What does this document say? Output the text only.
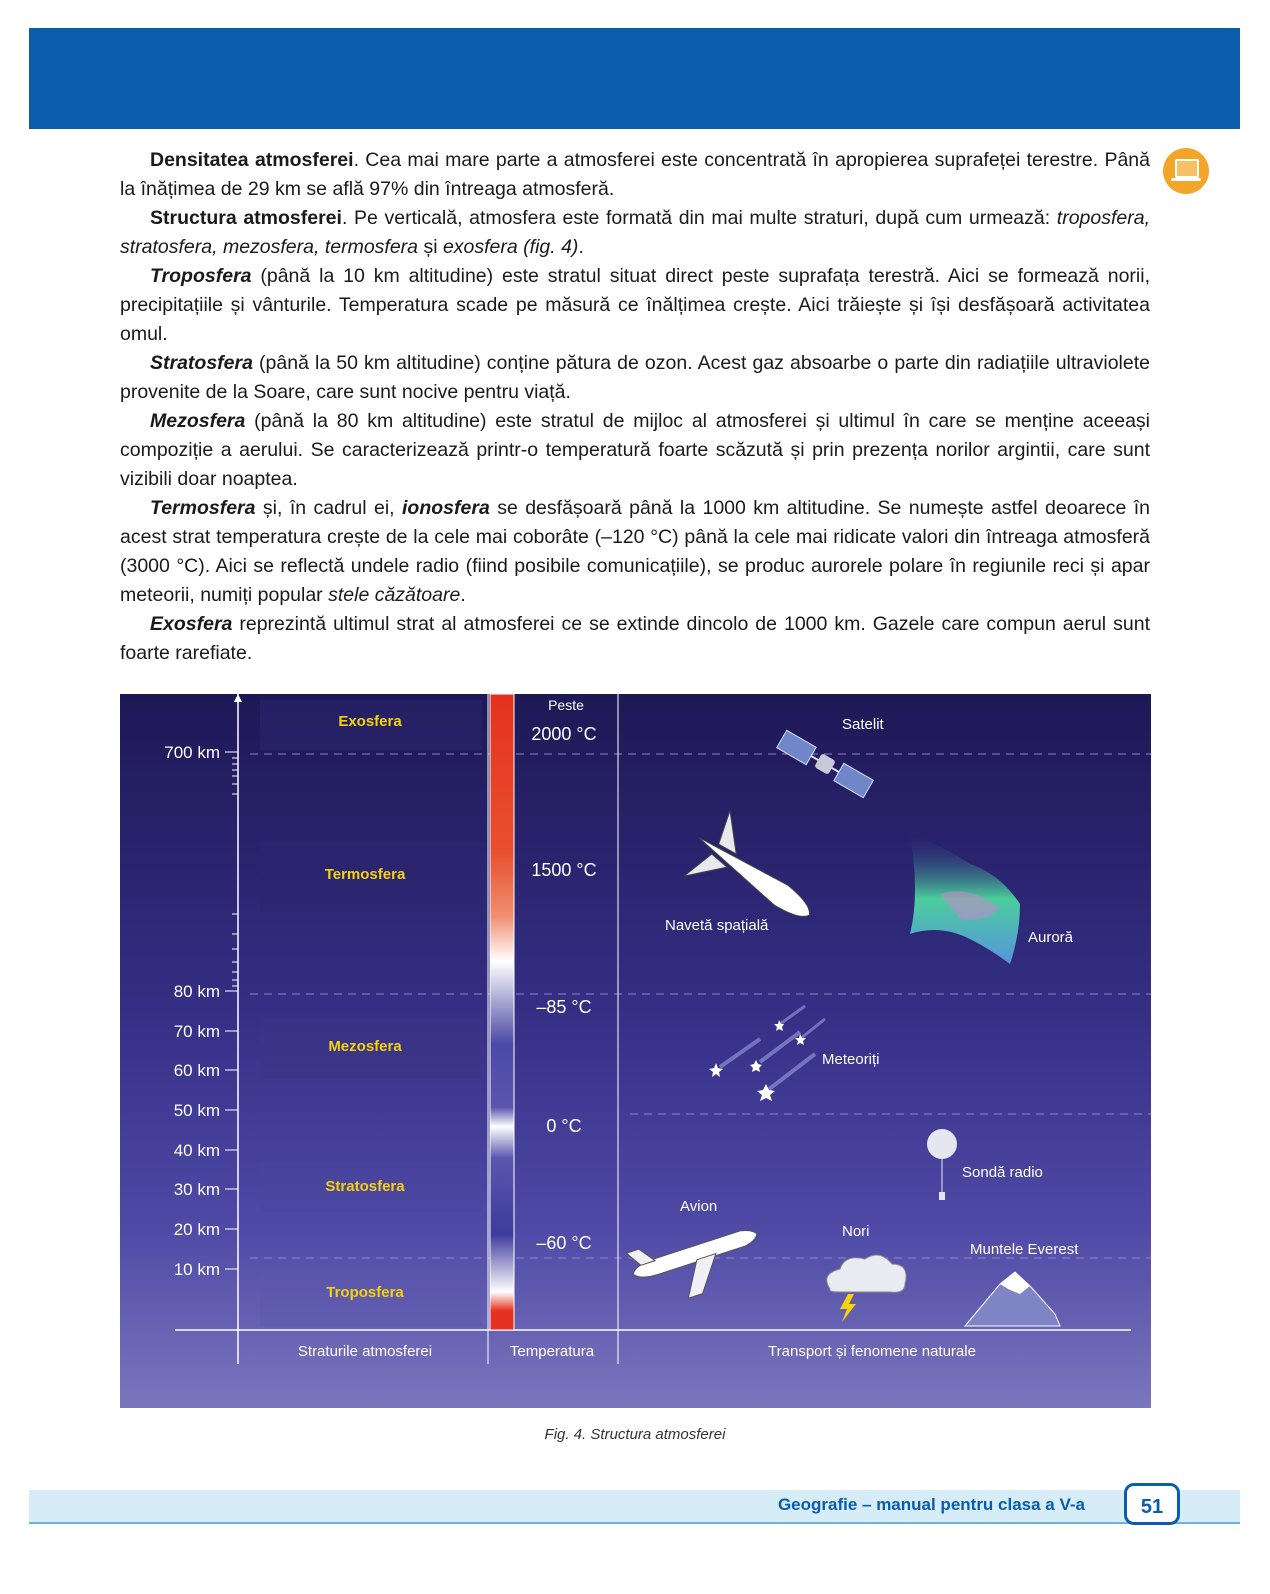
Densitatea atmosferei. Cea mai mare parte a atmosferei este concentrată în apropierea suprafeței terestre. Până la înățimea de 29 km se află 97% din întreaga atmosferă.

Structura atmosferei. Pe verticală, atmosfera este formată din mai multe straturi, după cum urmează: troposfera, stratosfera, mezosfera, termosfera și exosfera (fig. 4).

Troposfera (până la 10 km altitudine) este stratul situat direct peste suprafața terestră. Aici se formează norii, precipitațiile și vânturile. Temperatura scade pe măsură ce înălțimea crește. Aici trăiește și își desfășoară activitatea omul.

Stratosfera (până la 50 km altitudine) conține pătura de ozon. Acest gaz absoarbe o parte din radiațiile ultraviolete provenite de la Soare, care sunt nocive pentru viață.

Mezosfera (până la 80 km altitudine) este stratul de mijloc al atmosferei și ultimul în care se menține aceeași compoziție a aerului. Se caracterizează printr-o temperatură foarte scăzută și prin prezența norilor argintii, care sunt vizibili doar noaptea.

Termosfera și, în cadrul ei, ionosfera se desfășoară până la 1000 km altitudine. Se numește astfel deoarece în acest strat temperatura crește de la cele mai coborâte (–120 °C) până la cele mai ridicate valori din întreaga atmosferă (3000 °C). Aici se reflectă undele radio (fiind posibile comunicațiile), se produc aurorele polare în regiunile reci și apar meteorii, numiți popular stele căzătoare.

Exosfera reprezintă ultimul strat al atmosferei ce se extinde dincolo de 1000 km. Gazele care compun aerul sunt foarte rarefiate.

700 km
80 km
70 km
60 km
50 km
40 km
30 km
20 km
10 km
Exosfera
Termosfera
Mezosfera
Stratosfera
Troposfera
Peste
2000 °C
1500 °C
–85 °C
0 °C
–60 °C
Satelit
Navetă spațială
Auroră
Meteoriți
Sondă radio
Avion
Nori
Muntele Everest
Straturile atmosferei	Temperatura	Transport și fenomene naturale
Fig. 4. Structura atmosferei
Geografie – manual pentru clasa a V-a	51
